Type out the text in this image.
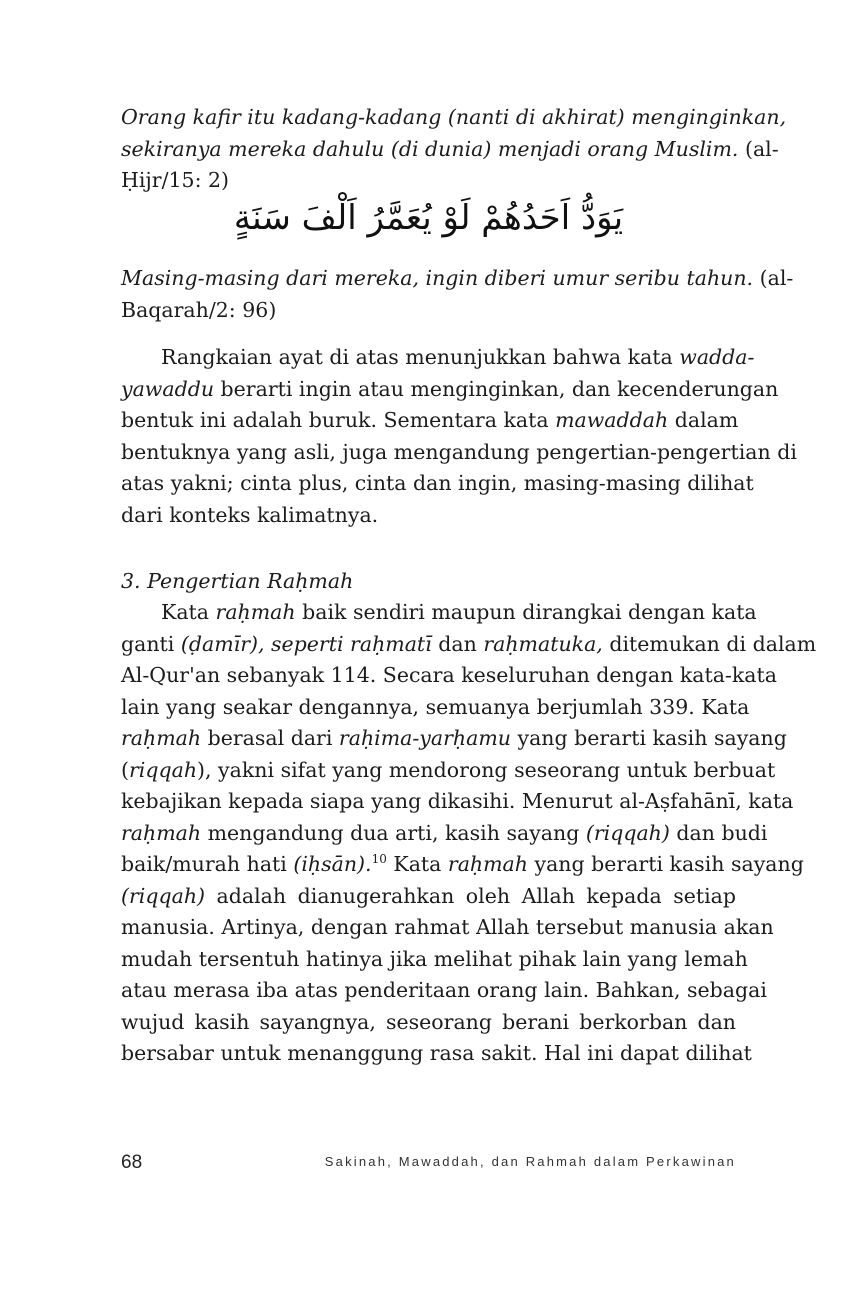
Orang kafir itu kadang-kadang (nanti di akhirat) menginginkan,
sekiranya mereka dahulu (di dunia) menjadi orang Muslim. (al-
Ḥijr/15: 2)

يَوَدُّ اَحَدُهُمْ لَوْ يُعَمَّرُ اَلْفَ سَنَةٍ

Masing-masing dari mereka, ingin diberi umur seribu tahun. (al-
Baqarah/2: 96)

Rangkaian ayat di atas menunjukkan bahwa kata wadda-
yawaddu berarti ingin atau menginginkan, dan kecenderungan
bentuk ini adalah buruk. Sementara kata mawaddah dalam
bentuknya yang asli, juga mengandung pengertian-pengertian di
atas yakni; cinta plus, cinta dan ingin, masing-masing dilihat
dari konteks kalimatnya.

3. Pengertian Raḥmah

Kata raḥmah baik sendiri maupun dirangkai dengan kata
ganti (ḍamīr), seperti raḥmatī dan raḥmatuka, ditemukan di dalam
Al-Qur'an sebanyak 114. Secara keseluruhan dengan kata-kata
lain yang seakar dengannya, semuanya berjumlah 339. Kata
raḥmah berasal dari raḥima-yarḥamu yang berarti kasih sayang
(riqqah), yakni sifat yang mendorong seseorang untuk berbuat
kebajikan kepada siapa yang dikasihi. Menurut al-Aṣfahānī, kata
raḥmah mengandung dua arti, kasih sayang (riqqah) dan budi
baik/murah hati (iḥsān).$^{10}$ Kata raḥmah yang berarti kasih sayang
(riqqah) adalah dianugerahkan oleh Allah kepada setiap
manusia. Artinya, dengan rahmat Allah tersebut manusia akan
mudah tersentuh hatinya jika melihat pihak lain yang lemah
atau merasa iba atas penderitaan orang lain. Bahkan, sebagai
wujud kasih sayangnya, seseorang berani berkorban dan
bersabar untuk menanggung rasa sakit. Hal ini dapat dilihat

68	Sakinah, Mawaddah, dan Rahmah dalam Perkawinan
